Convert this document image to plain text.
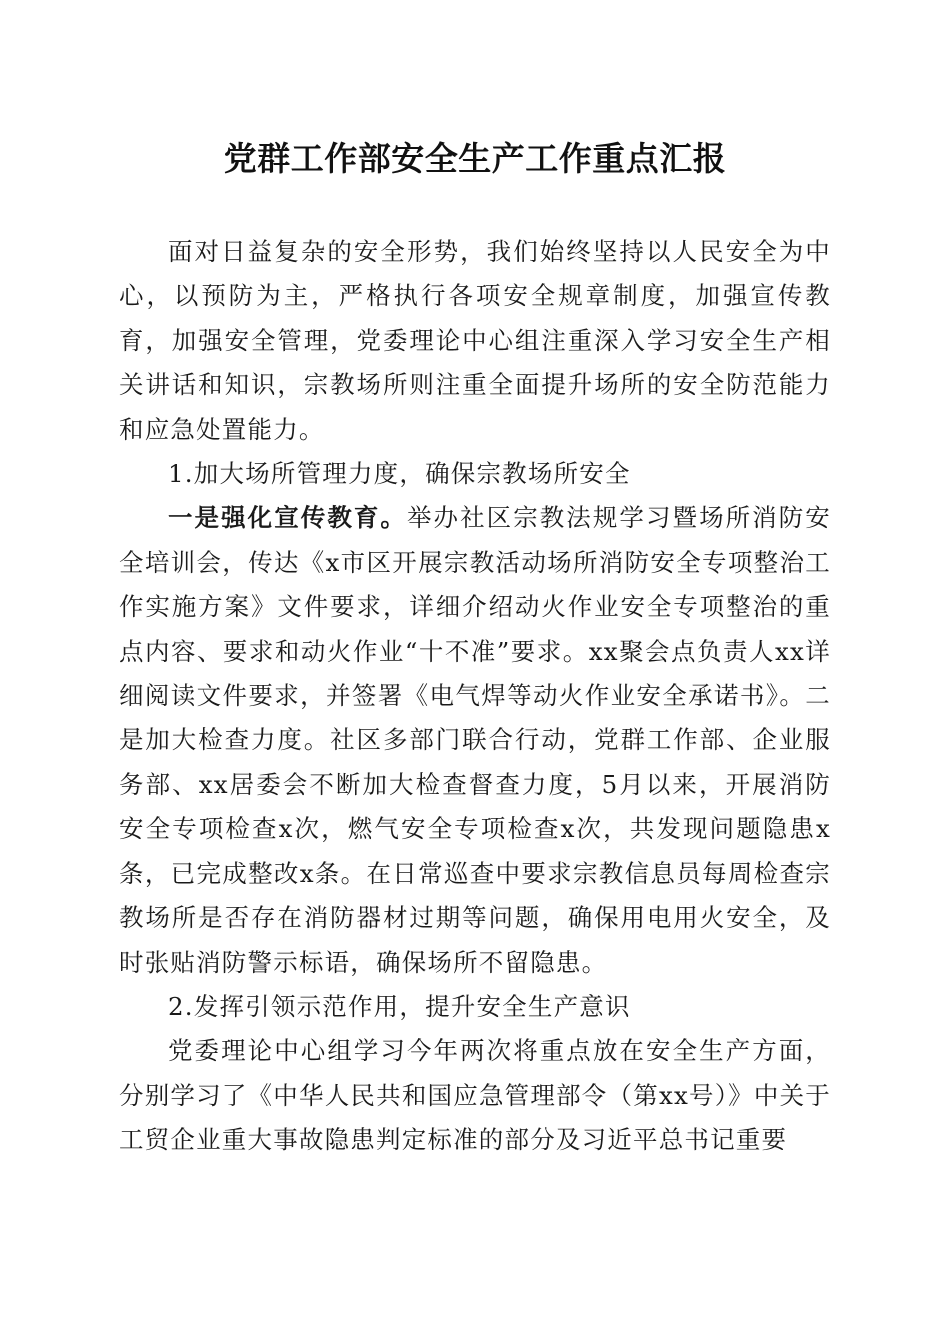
党群工作部安全生产工作重点汇报

面对日益复杂的安全形势，我们始终坚持以人民安全为中心，以预防为主，严格执行各项安全规章制度，加强宣传教育，加强安全管理，党委理论中心组注重深入学习安全生产相关讲话和知识，宗教场所则注重全面提升场所的安全防范能力和应急处置能力。

1.加大场所管理力度，确保宗教场所安全

一是强化宣传教育。举办社区宗教法规学习暨场所消防安全培训会，传达《x市区开展宗教活动场所消防安全专项整治工作实施方案》文件要求，详细介绍动火作业安全专项整治的重点内容、要求和动火作业“十不准”要求。xx聚会点负责人xx详细阅读文件要求，并签署《电气焊等动火作业安全承诺书》。二是加大检查力度。社区多部门联合行动，党群工作部、企业服务部、xx居委会不断加大检查督查力度，5月以来，开展消防安全专项检查x次，燃气安全专项检查x次，共发现问题隐患x条，已完成整改x条。在日常巡查中要求宗教信息员每周检查宗教场所是否存在消防器材过期等问题，确保用电用火安全，及时张贴消防警示标语，确保场所不留隐患。

2.发挥引领示范作用，提升安全生产意识

党委理论中心组学习今年两次将重点放在安全生产方面，分别学习了《中华人民共和国应急管理部令（第xx号）》中关于工贸企业重大事故隐患判定标准的部分及习近平总书记重要
